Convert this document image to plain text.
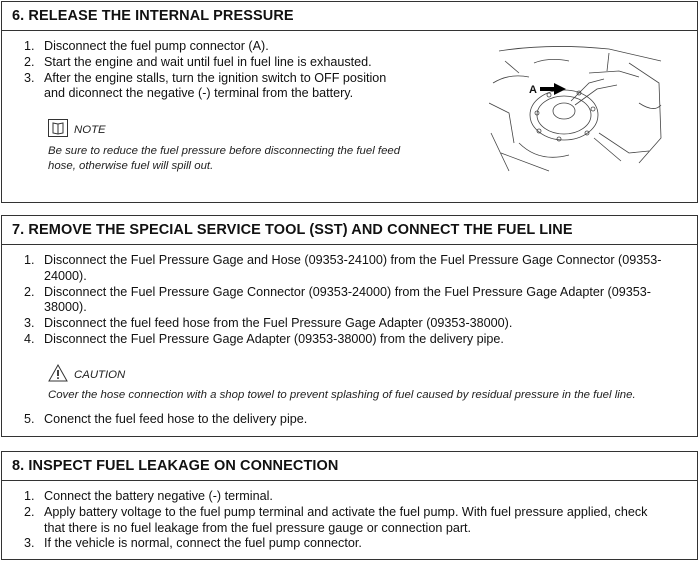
6. RELEASE THE INTERNAL PRESSURE
1. Disconnect the fuel pump connector (A).
2. Start the engine and wait until fuel in fuel line is exhausted.
3. After the engine stalls, turn the ignition switch to OFF position and diconnect the negative (-) terminal from the battery.
NOTE
Be sure to reduce the fuel pressure before disconnecting the fuel feed hose, otherwise fuel will spill out.
A
7. REMOVE THE SPECIAL SERVICE TOOL (SST) AND CONNECT THE FUEL LINE
1. Disconnect the Fuel Pressure Gage and Hose (09353-24100) from the Fuel Pressure Gage Connector (09353-24000).
2. Disconnect the Fuel Pressure Gage Connector (09353-24000) from the Fuel Pressure Gage Adapter (09353-38000).
3. Disconnect the fuel feed hose from the Fuel Pressure Gage Adapter (09353-38000).
4. Disconnect the Fuel Pressure Gage Adapter (09353-38000) from the delivery pipe.
CAUTION
Cover the hose connection with a shop towel to prevent splashing of fuel caused by residual pressure in the fuel line.
5. Conenct the fuel feed hose to the delivery pipe.
8. INSPECT FUEL LEAKAGE ON CONNECTION
1. Connect the battery negative (-) terminal.
2. Apply battery voltage to the fuel pump terminal and activate the fuel pump. With fuel pressure applied, check that there is no fuel leakage from the fuel pressure gauge or connection part.
3. If the vehicle is normal, connect the fuel pump connector.
